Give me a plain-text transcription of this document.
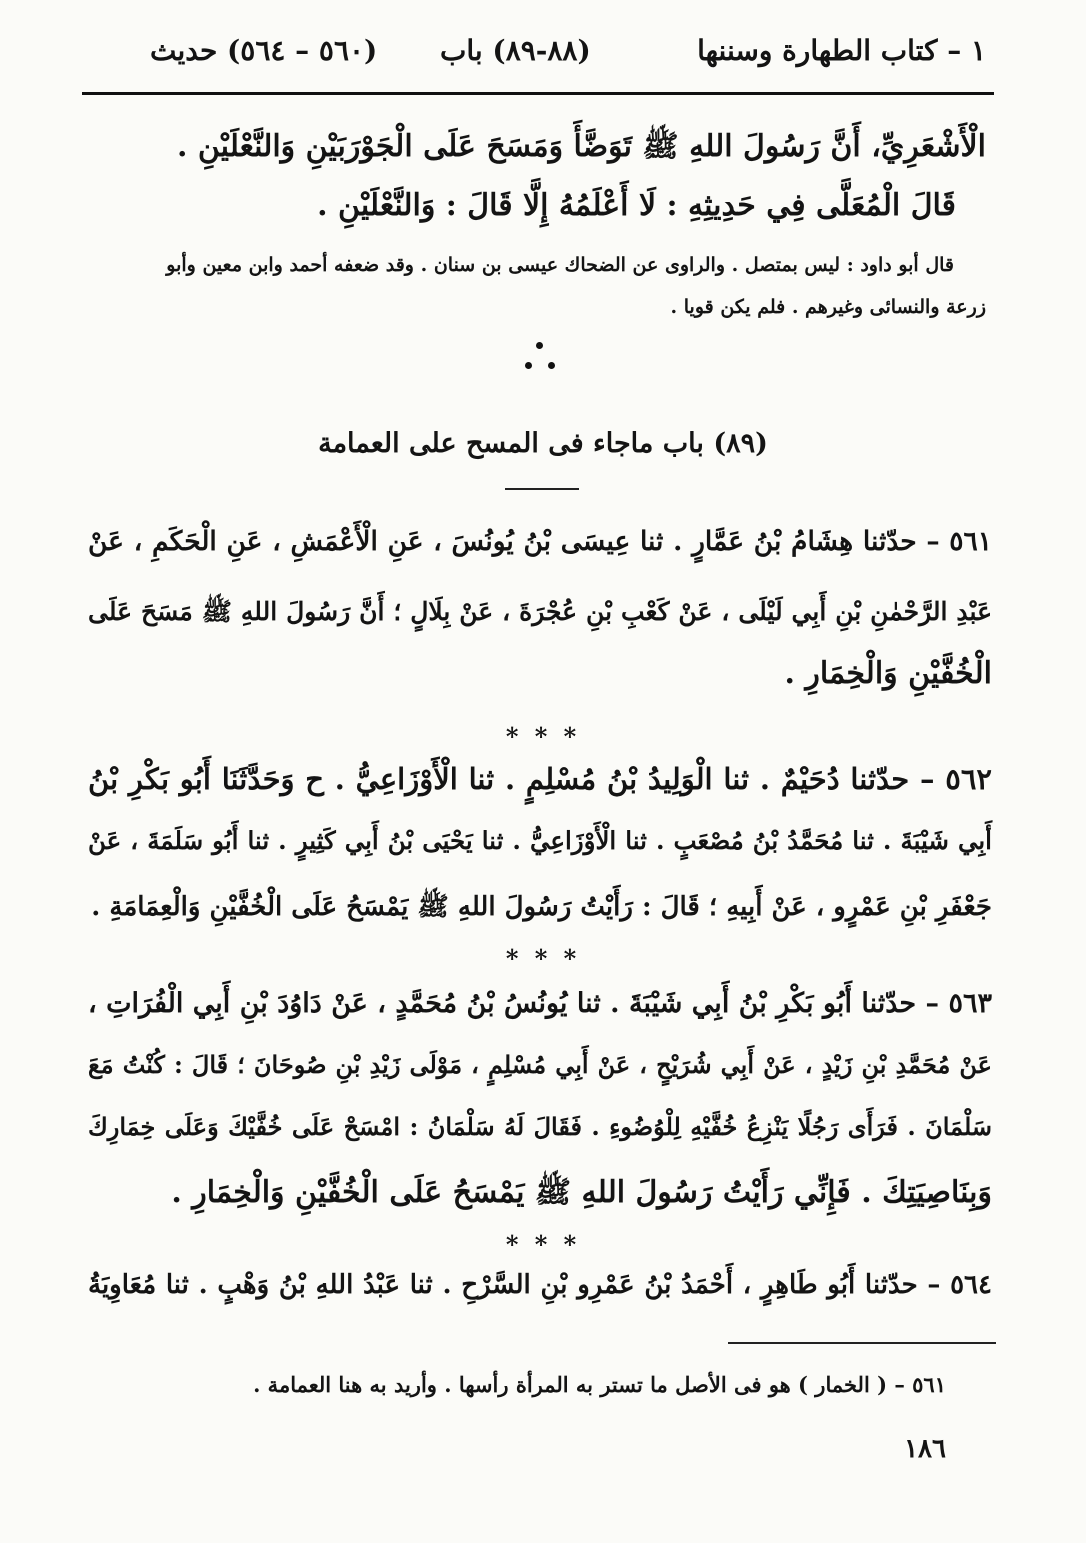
١ – كتاب الطهارة وسننها
(٨٨-٨٩) باب
(٥٦٠ – ٥٦٤) حديث
الْأَشْعَرِيِّ، أَنَّ رَسُولَ اللهِ ﷺ تَوَضَّأَ وَمَسَحَ عَلَى الْجَوْرَبَيْنِ وَالنَّعْلَيْنِ .
قَالَ الْمُعَلَّى فِي حَدِيثِهِ : لَا أَعْلَمُهُ إِلَّا قَالَ : وَالنَّعْلَيْنِ .
قال أبو داود : ليس بمتصل . والراوى عن الضحاك عيسى بن سنان . وقد ضعفه أحمد وابن معين وأبو
زرعة والنسائى وغيرهم . فلم يكن قويا .
(٨٩) باب ماجاء فى المسح على العمامة
٥٦١ – حدّثنا هِشَامُ بْنُ عَمَّارٍ . ثنا عِيسَى بْنُ يُونُسَ ، عَنِ الْأَعْمَشِ ، عَنِ الْحَكَمِ ، عَنْ
عَبْدِ الرَّحْمٰنِ بْنِ أَبِي لَيْلَى ، عَنْ كَعْبِ بْنِ عُجْرَةَ ، عَنْ بِلَالٍ ؛ أَنَّ رَسُولَ اللهِ ﷺ مَسَحَ عَلَى
الْخُفَّيْنِ وَالْخِمَارِ .
* * *
٥٦٢ – حدّثنا دُحَيْمٌ . ثنا الْوَلِيدُ بْنُ مُسْلِمٍ . ثنا الْأَوْزَاعِيُّ . ح وَحَدَّثَنَا أَبُو بَكْرِ بْنُ
أَبِي شَيْبَةَ . ثنا مُحَمَّدُ بْنُ مُصْعَبٍ . ثنا الْأَوْزَاعِيُّ . ثنا يَحْيَى بْنُ أَبِي كَثِيرٍ . ثنا أَبُو سَلَمَةَ ، عَنْ
جَعْفَرِ بْنِ عَمْرٍو ، عَنْ أَبِيهِ ؛ قَالَ : رَأَيْتُ رَسُولَ اللهِ ﷺ يَمْسَحُ عَلَى الْخُفَّيْنِ وَالْعِمَامَةِ .
* * *
٥٦٣ – حدّثنا أَبُو بَكْرِ بْنُ أَبِي شَيْبَةَ . ثنا يُونُسُ بْنُ مُحَمَّدٍ ، عَنْ دَاوُدَ بْنِ أَبِي الْفُرَاتِ ،
عَنْ مُحَمَّدِ بْنِ زَيْدٍ ، عَنْ أَبِي شُرَيْحٍ ، عَنْ أَبِي مُسْلِمٍ ، مَوْلَى زَيْدِ بْنِ صُوحَانَ ؛ قَالَ : كُنْتُ مَعَ
سَلْمَانَ . فَرَأَى رَجُلًا يَنْزِعُ خُفَّيْهِ لِلْوُضُوءِ . فَقَالَ لَهُ سَلْمَانُ : امْسَحْ عَلَى خُفَّيْكَ وَعَلَى خِمَارِكَ
وَبِنَاصِيَتِكَ . فَإِنِّي رَأَيْتُ رَسُولَ اللهِ ﷺ يَمْسَحُ عَلَى الْخُفَّيْنِ وَالْخِمَارِ .
* * *
٥٦٤ – حدّثنا أَبُو طَاهِرٍ ، أَحْمَدُ بْنُ عَمْرِو بْنِ السَّرْحِ . ثنا عَبْدُ اللهِ بْنُ وَهْبٍ . ثنا مُعَاوِيَةُ
٥٦١ – ( الخمار ) هو فى الأصل ما تستر به المرأة رأسها . وأريد به هنا العمامة .
١٨٦
